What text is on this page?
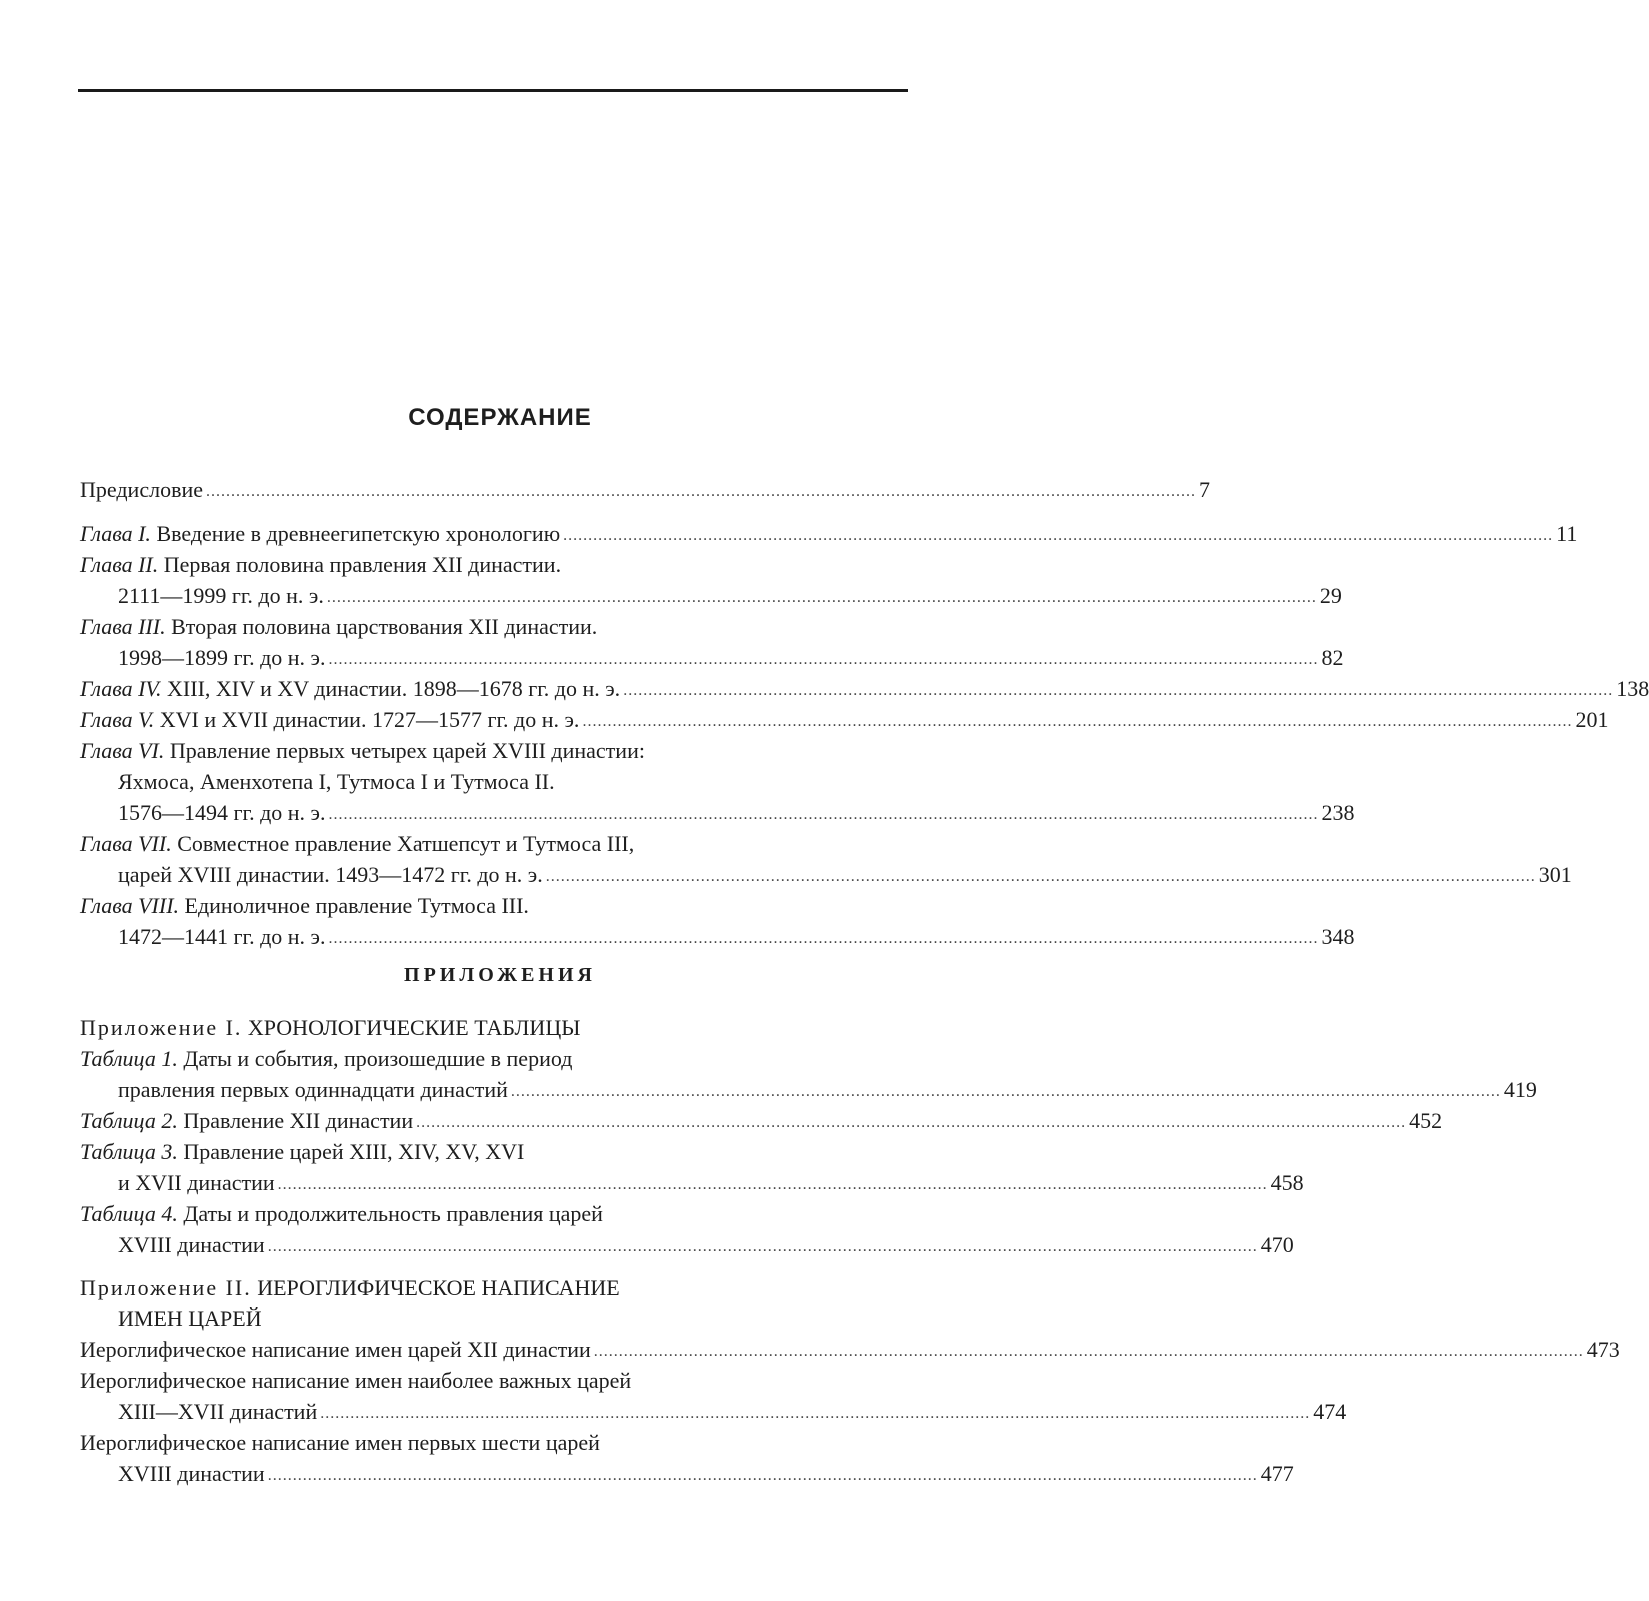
СОДЕРЖАНИЕ
Предисловие ...................................................................................................................................................................................................... 7
Глава I. Введение в древнеегипетскую хронологию ...................................................................................................................................................................................................... 11
Глава II. Первая половина правления XII династии.
2111—1999 гг. до н. э. ...................................................................................................................................................................................................... 29
Глава III. Вторая половина царствования XII династии.
1998—1899 гг. до н. э. ...................................................................................................................................................................................................... 82
Глава IV. XIII, XIV и XV династии. 1898—1678 гг. до н. э. ...................................................................................................................................................................................................... 138
Глава V. XVI и XVII династии. 1727—1577 гг. до н. э. ...................................................................................................................................................................................................... 201
Глава VI. Правление первых четырех царей XVIII династии:
Яхмоса, Аменхотепа I, Тутмоса I и Тутмоса II.
1576—1494 гг. до н. э. ...................................................................................................................................................................................................... 238
Глава VII. Совместное правление Хатшепсут и Тутмоса III,
царей XVIII династии. 1493—1472 гг. до н. э. ...................................................................................................................................................................................................... 301
Глава VIII. Единоличное правление Тутмоса III.
1472—1441 гг. до н. э. ...................................................................................................................................................................................................... 348
ПРИЛОЖЕНИЯ
Приложение I. ХРОНОЛОГИЧЕСКИЕ ТАБЛИЦЫ
Таблица 1. Даты и события, произошедшие в период
правления первых одиннадцати династий ...................................................................................................................................................................................................... 419
Таблица 2. Правление XII династии ...................................................................................................................................................................................................... 452
Таблица 3. Правление царей XIII, XIV, XV, XVI
и XVII династии ...................................................................................................................................................................................................... 458
Таблица 4. Даты и продолжительность правления царей
XVIII династии ...................................................................................................................................................................................................... 470
Приложение II. ИЕРОГЛИФИЧЕСКОЕ НАПИСАНИЕ
ИМЕН ЦАРЕЙ
Иероглифическое написание имен царей XII династии ...................................................................................................................................................................................................... 473
Иероглифическое написание имен наиболее важных царей
XIII—XVII династий ...................................................................................................................................................................................................... 474
Иероглифическое написание имен первых шести царей
XVIII династии ...................................................................................................................................................................................................... 477
